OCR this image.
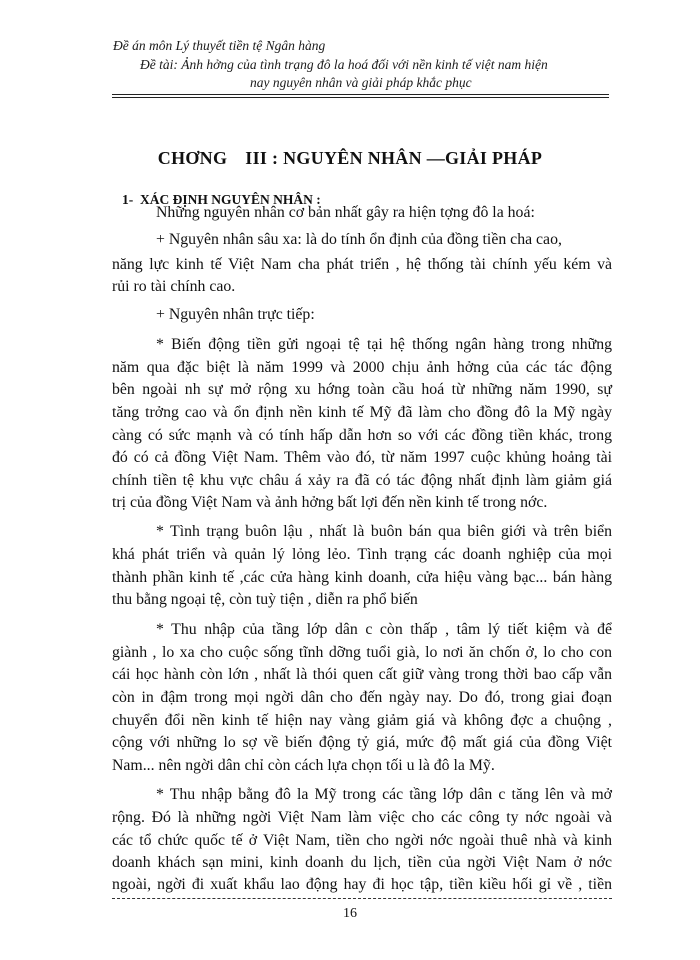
Đề án môn Lý thuyết tiền tệ Ngân hàng
Đề tài: Ảnh hởng của tình trạng đô la hoá đối với nền kinh tế việt nam hiện
nay nguyên nhân và giải pháp khắc phục
CHƠNG III : NGUYÊN NHÂN —GIẢI PHÁP
1- XÁC ĐỊNH NGUYÊN NHÂN :
Những nguyên nhân cơ bản nhất gây ra hiện tợng đô la hoá:
+ Nguyên nhân sâu xa: là do tính ổn định của đồng tiền cha cao,
năng lực kinh tế Việt Nam cha phát triển , hệ thống tài chính yếu kém và
rủi ro tài chính cao.
+ Nguyên nhân trực tiếp:
* Biến động tiền gửi ngoại tệ tại hệ thống ngân hàng trong những
năm qua đặc biệt là năm 1999 và 2000 chịu ảnh hởng của các tác động
bên ngoài nh sự mở rộng xu hớng toàn cầu hoá từ những năm 1990, sự
tăng trởng cao và ổn định nền kinh tế Mỹ đã làm cho đồng đô la Mỹ ngày
càng có sức mạnh và có tính hấp dẫn hơn so với các đồng tiền khác, trong
đó có cả đồng Việt Nam. Thêm vào đó, từ năm 1997 cuộc khủng hoảng tài
chính tiền tệ khu vực châu á xảy ra đã có tác động nhất định làm giảm giá
trị của đồng Việt Nam và ảnh hởng bất lợi đến nền kinh tế trong nớc.
* Tình trạng buôn lậu , nhất là buôn bán qua biên giới và trên biển
khá phát triển và quản lý lỏng lẻo. Tình trạng các doanh nghiệp của mọi
thành phần kinh tế ,các cửa hàng kinh doanh, cửa hiệu vàng bạc... bán hàng
thu bằng ngoại tệ, còn tuỳ tiện , diễn ra phổ biến
* Thu nhập của tầng lớp dân c còn thấp , tâm lý tiết kiệm và để
giành , lo xa cho cuộc sống tĩnh dỡng tuổi già, lo nơi ăn chốn ở, lo cho con
cái học hành còn lớn , nhất là thói quen cất giữ vàng trong thời bao cấp vẫn
còn in đậm trong mọi ngời dân cho đến ngày nay. Do đó, trong giai đoạn
chuyển đổi nền kinh tế hiện nay vàng giảm giá và không đợc a chuộng ,
cộng với những lo sợ về biến động tỷ giá, mức độ mất giá của đồng Việt
Nam... nên ngời dân chỉ còn cách lựa chọn tối u là đô la Mỹ.
* Thu nhập bằng đô la Mỹ trong các tầng lớp dân c tăng lên và mở
rộng. Đó là những ngời Việt Nam làm việc cho các công ty nớc ngoài và
các tổ chức quốc tế ở Việt Nam, tiền cho ngời nớc ngoài thuê nhà và kinh
doanh khách sạn mini, kinh doanh du lịch, tiền của ngời Việt Nam ở nớc
ngoài, ngời đi xuất khẩu lao động hay đi học tập, tiền kiều hối gỉ về , tiền
16
